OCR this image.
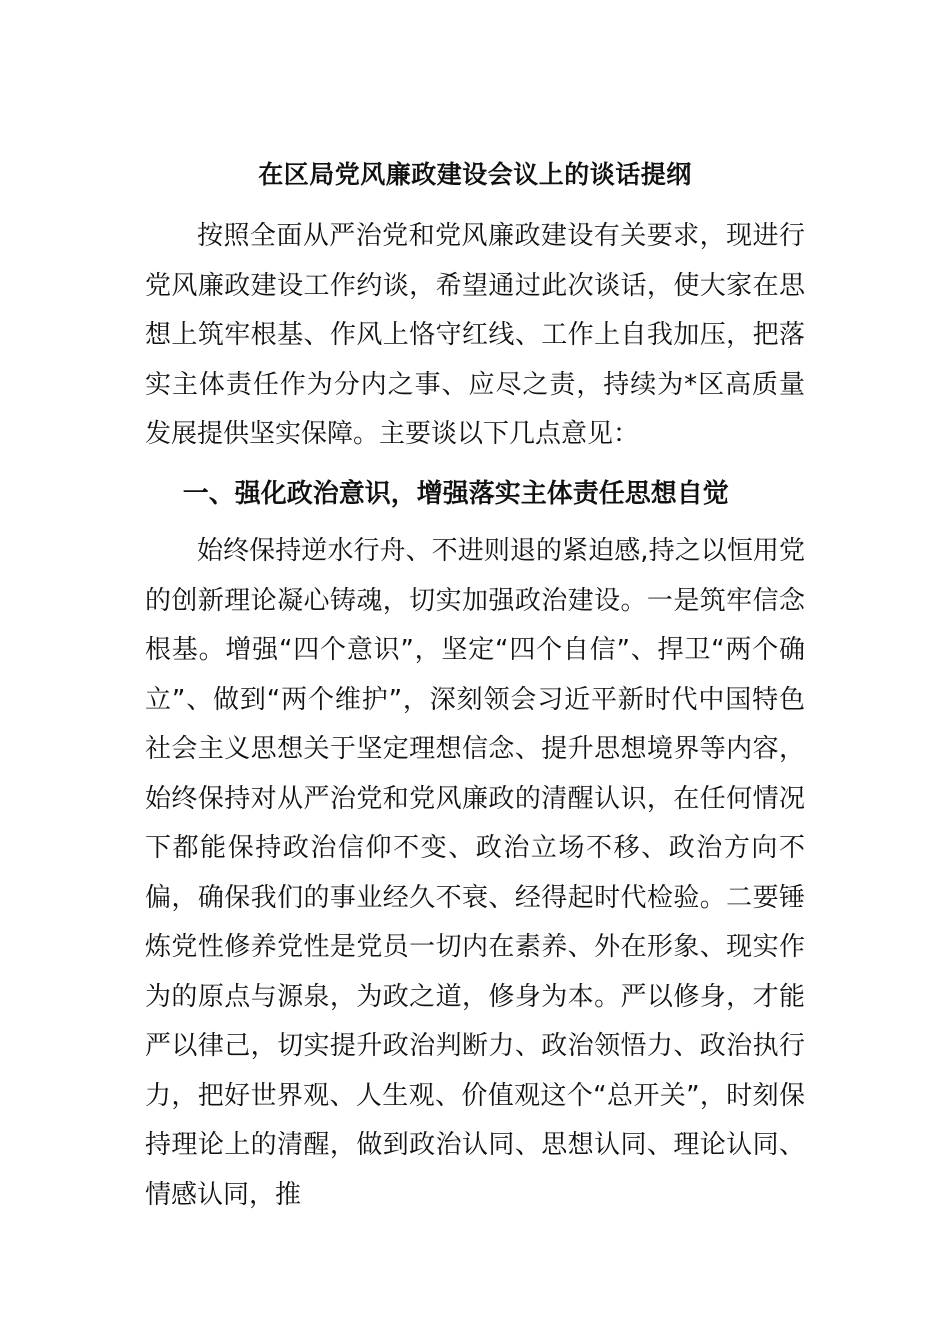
在区局党风廉政建设会议上的谈话提纲

按照全面从严治党和党风廉政建设有关要求，现进行党风廉政建设工作约谈，希望通过此次谈话，使大家在思想上筑牢根基、作风上恪守红线、工作上自我加压，把落实主体责任作为分内之事、应尽之责，持续为*区高质量发展提供坚实保障。主要谈以下几点意见：

一、强化政治意识，增强落实主体责任思想自觉

始终保持逆水行舟、不进则退的紧迫感,持之以恒用党的创新理论凝心铸魂，切实加强政治建设。一是筑牢信念根基。增强“四个意识”，坚定“四个自信”、捍卫“两个确立”、做到“两个维护”，深刻领会习近平新时代中国特色社会主义思想关于坚定理想信念、提升思想境界等内容，始终保持对从严治党和党风廉政的清醒认识，在任何情况下都能保持政治信仰不变、政治立场不移、政治方向不偏，确保我们的事业经久不衰、经得起时代检验。二要锤炼党性修养党性是党员一切内在素养、外在形象、现实作为的原点与源泉，为政之道，修身为本。严以修身，才能严以律己，切实提升政治判断力、政治领悟力、政治执行力，把好世界观、人生观、价值观这个“总开关”，时刻保持理论上的清醒，做到政治认同、思想认同、理论认同、情感认同，推
